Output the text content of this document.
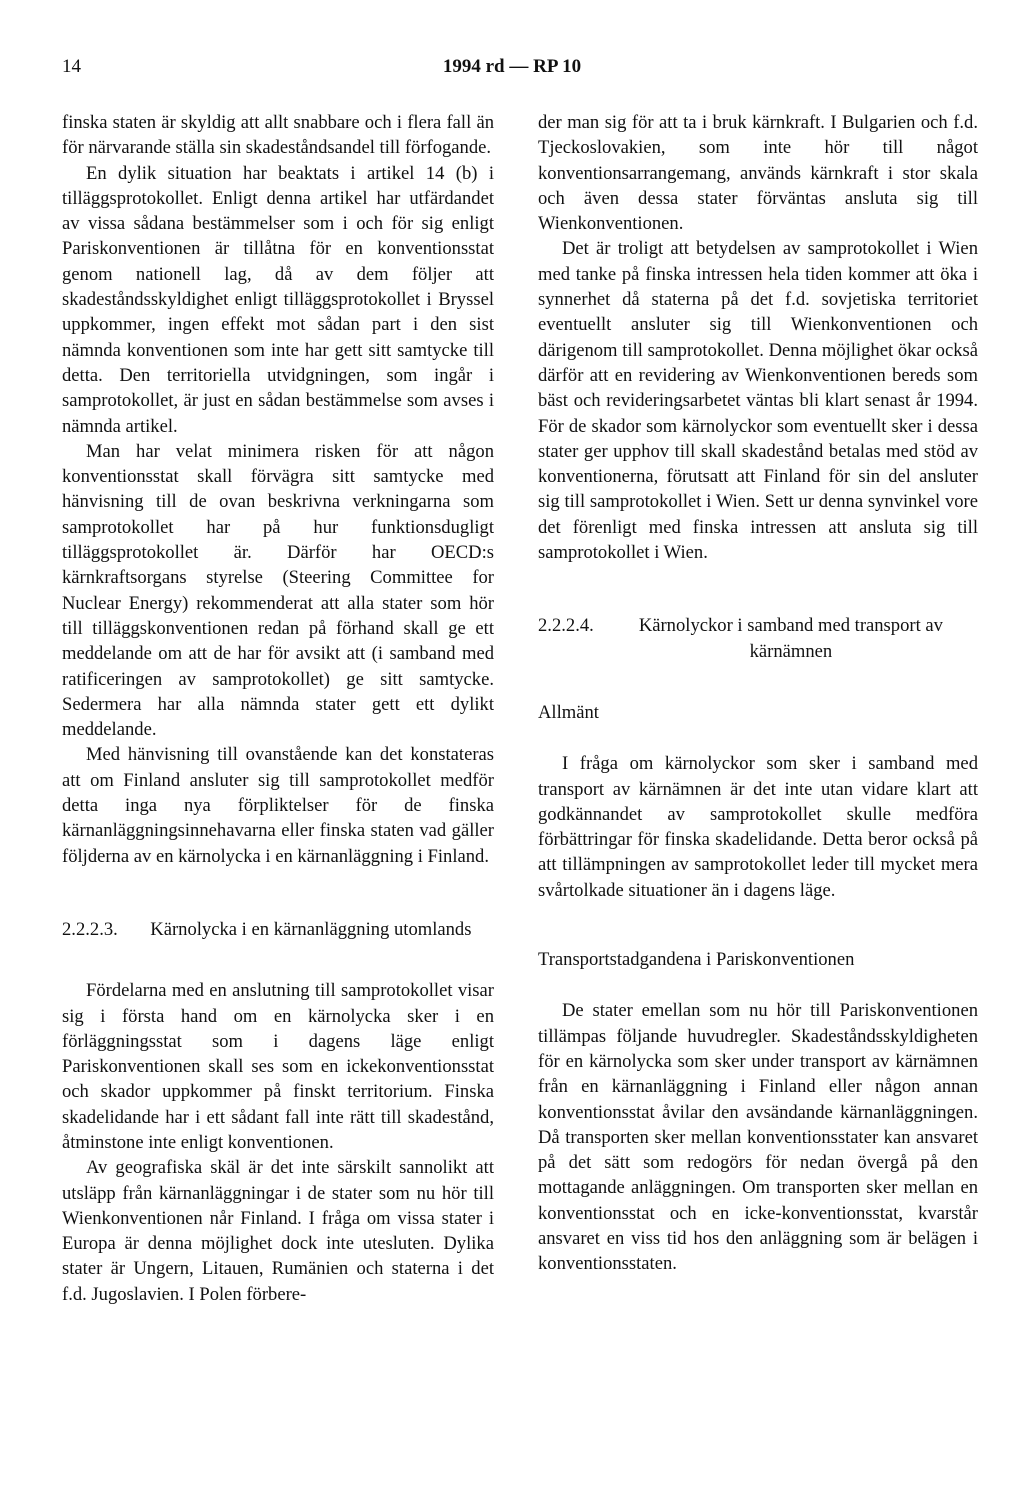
14	1994 rd — RP 10

finska staten är skyldig att allt snabbare och i flera fall än för närvarande ställa sin skadeståndsandel till förfogande.

En dylik situation har beaktats i artikel 14 (b) i tilläggsprotokollet. Enligt denna artikel har utfärdandet av vissa sådana bestämmelser som i och för sig enligt Pariskonventionen är tillåtna för en konventionsstat genom nationell lag, då av dem följer att skadeståndsskyldighet enligt tilläggsprotokollet i Bryssel uppkommer, ingen effekt mot sådan part i den sist nämnda konventionen som inte har gett sitt samtycke till detta. Den territoriella utvidgningen, som ingår i samprotokollet, är just en sådan bestämmelse som avses i nämnda artikel.

Man har velat minimera risken för att någon konventionsstat skall förvägra sitt samtycke med hänvisning till de ovan beskrivna verkningarna som samprotokollet har på hur funktionsdugligt tilläggsprotokollet är. Därför har OECD:s kärnkraftsorgans styrelse (Steering Committee for Nuclear Energy) rekommenderat att alla stater som hör till tilläggskonventionen redan på förhand skall ge ett meddelande om att de har för avsikt att (i samband med ratificeringen av samprotokollet) ge sitt samtycke. Sedermera har alla nämnda stater gett ett dylikt meddelande.

Med hänvisning till ovanstående kan det konstateras att om Finland ansluter sig till samprotokollet medför detta inga nya förpliktelser för de finska kärnanläggningsinnehavarna eller finska staten vad gäller följderna av en kärnolycka i en kärnanläggning i Finland.

2.2.2.3.	Kärnolycka i en kärnanläggning utomlands

Fördelarna med en anslutning till samprotokollet visar sig i första hand om en kärnolycka sker i en förläggningsstat som i dagens läge enligt Pariskonventionen skall ses som en ickekonventionsstat och skador uppkommer på finskt territorium. Finska skadelidande har i ett sådant fall inte rätt till skadestånd, åtminstone inte enligt konventionen.

Av geografiska skäl är det inte särskilt sannolikt att utsläpp från kärnanläggningar i de stater som nu hör till Wienkonventionen når Finland. I fråga om vissa stater i Europa är denna möjlighet dock inte utesluten. Dylika stater är Ungern, Litauen, Rumänien och staterna i det f.d. Jugoslavien. I Polen förbere-

der man sig för att ta i bruk kärnkraft. I Bulgarien och f.d. Tjeckoslovakien, som inte hör till något konventionsarrangemang, används kärnkraft i stor skala och även dessa stater förväntas ansluta sig till Wienkonventionen.

Det är troligt att betydelsen av samprotokollet i Wien med tanke på finska intressen hela tiden kommer att öka i synnerhet då staterna på det f.d. sovjetiska territoriet eventuellt ansluter sig till Wienkonventionen och därigenom till samprotokollet. Denna möjlighet ökar också därför att en revidering av Wienkonventionen bereds som bäst och revideringsarbetet väntas bli klart senast år 1994. För de skador som kärnolyckor som eventuellt sker i dessa stater ger upphov till skall skadestånd betalas med stöd av konventionerna, förutsatt att Finland för sin del ansluter sig till samprotokollet i Wien. Sett ur denna synvinkel vore det förenligt med finska intressen att ansluta sig till samprotokollet i Wien.

2.2.2.4.	Kärnolyckor i samband med transport av kärnämnen

Allmänt

I fråga om kärnolyckor som sker i samband med transport av kärnämnen är det inte utan vidare klart att godkännandet av samprotokollet skulle medföra förbättringar för finska skadelidande. Detta beror också på att tillämpningen av samprotokollet leder till mycket mera svårtolkade situationer än i dagens läge.

Transportstadgandena i Pariskonventionen

De stater emellan som nu hör till Pariskonventionen tillämpas följande huvudregler. Skadeståndsskyldigheten för en kärnolycka som sker under transport av kärnämnen från en kärnanläggning i Finland eller någon annan konventionsstat åvilar den avsändande kärnanläggningen. Då transporten sker mellan konventionsstater kan ansvaret på det sätt som redogörs för nedan övergå på den mottagande anläggningen. Om transporten sker mellan en konventionsstat och en icke-konventionsstat, kvarstår ansvaret en viss tid hos den anläggning som är belägen i konventionsstaten.
